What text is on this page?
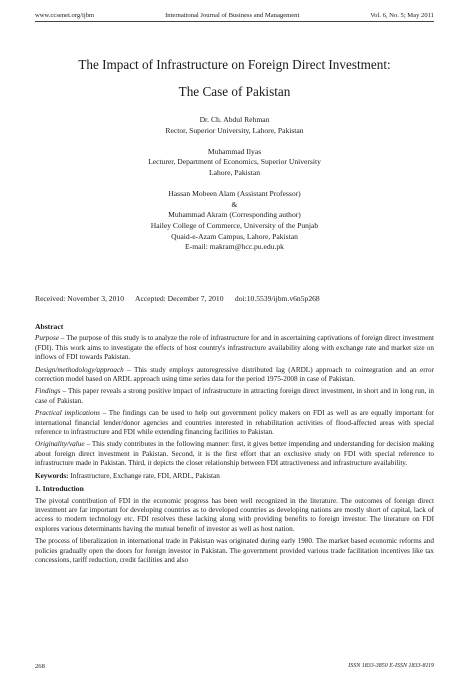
www.ccsenet.org/ijbm	International Journal of Business and Management	Vol. 6, No. 5; May 2011
The Impact of Infrastructure on Foreign Direct Investment:
The Case of Pakistan
Dr. Ch. Abdul Rehman
Rector, Superior University, Lahore, Pakistan
Muhammad Ilyas
Lecturer, Department of Economics, Superior University
Lahore, Pakistan
Hassan Mobeen Alam (Assistant Professor)
&
Muhammad Akram (Corresponding author)
Hailey College of Commerce, University of the Punjab
Quaid-e-Azam Campus, Lahore, Pakistan
E-mail: makram@hcc.pu.edu.pk
Received: November 3, 2010      Accepted: December 7, 2010      doi:10.5539/ijbm.v6n5p268
Abstract

Purpose – The purpose of this study is to analyze the role of infrastructure for and in ascertaining captivations of foreign direct investment (FDI). This work aims to investigate the effects of host country's infrastructure availability along with exchange rate and market size on inflows of FDI towards Pakistan.

Design/methodology/approach – This study employs autoregressive distributed lag (ARDL) approach to cointegration and an error correction model based on ARDL approach using time series data for the period 1975-2008 in case of Pakistan.

Findings – This paper reveals a strong positive impact of infrastructure in attracting foreign direct investment, in short and in long run, in case of Pakistan.

Practical implications – The findings can be used to help out government policy makers on FDI as well as are equally important for international financial lender/donor agencies and countries interested in rehabilitation activities of flood-affected areas with special reference to infrastructure and FDI while extending financing facilities to Pakistan.

Originality/value – This study contributes in the following manner: first, it gives better impending and understanding for decision making about foreign direct investment in Pakistan. Second, it is the first effort that an exclusive study on FDI with special reference to infrastructure made in Pakistan. Third, it depicts the closer relationship between FDI attractiveness and infrastructure availability.

Keywords: Infrastructure, Exchange rate, FDI, ARDL, Pakistan

1. Introduction

The pivotal contribution of FDI in the economic progress has been well recognized in the literature. The outcomes of foreign direct investment are far important for developing countries as to developed countries as developing nations are mostly short of capital, lack of access to modern technology etc. FDI resolves these lacking along with providing benefits to foreign investor. The literature on FDI explores various determinants having the mutual benefit of investor as well as host nation.

The process of liberalization in international trade in Pakistan was originated during early 1980. The market based economic reforms and policies gradually open the doors for foreign investor in Pakistan. The government provided various trade facilitation incentives like tax concessions, tariff reduction, credit facilities and also

268	ISSN 1833-3850 E-ISSN 1833-8119
